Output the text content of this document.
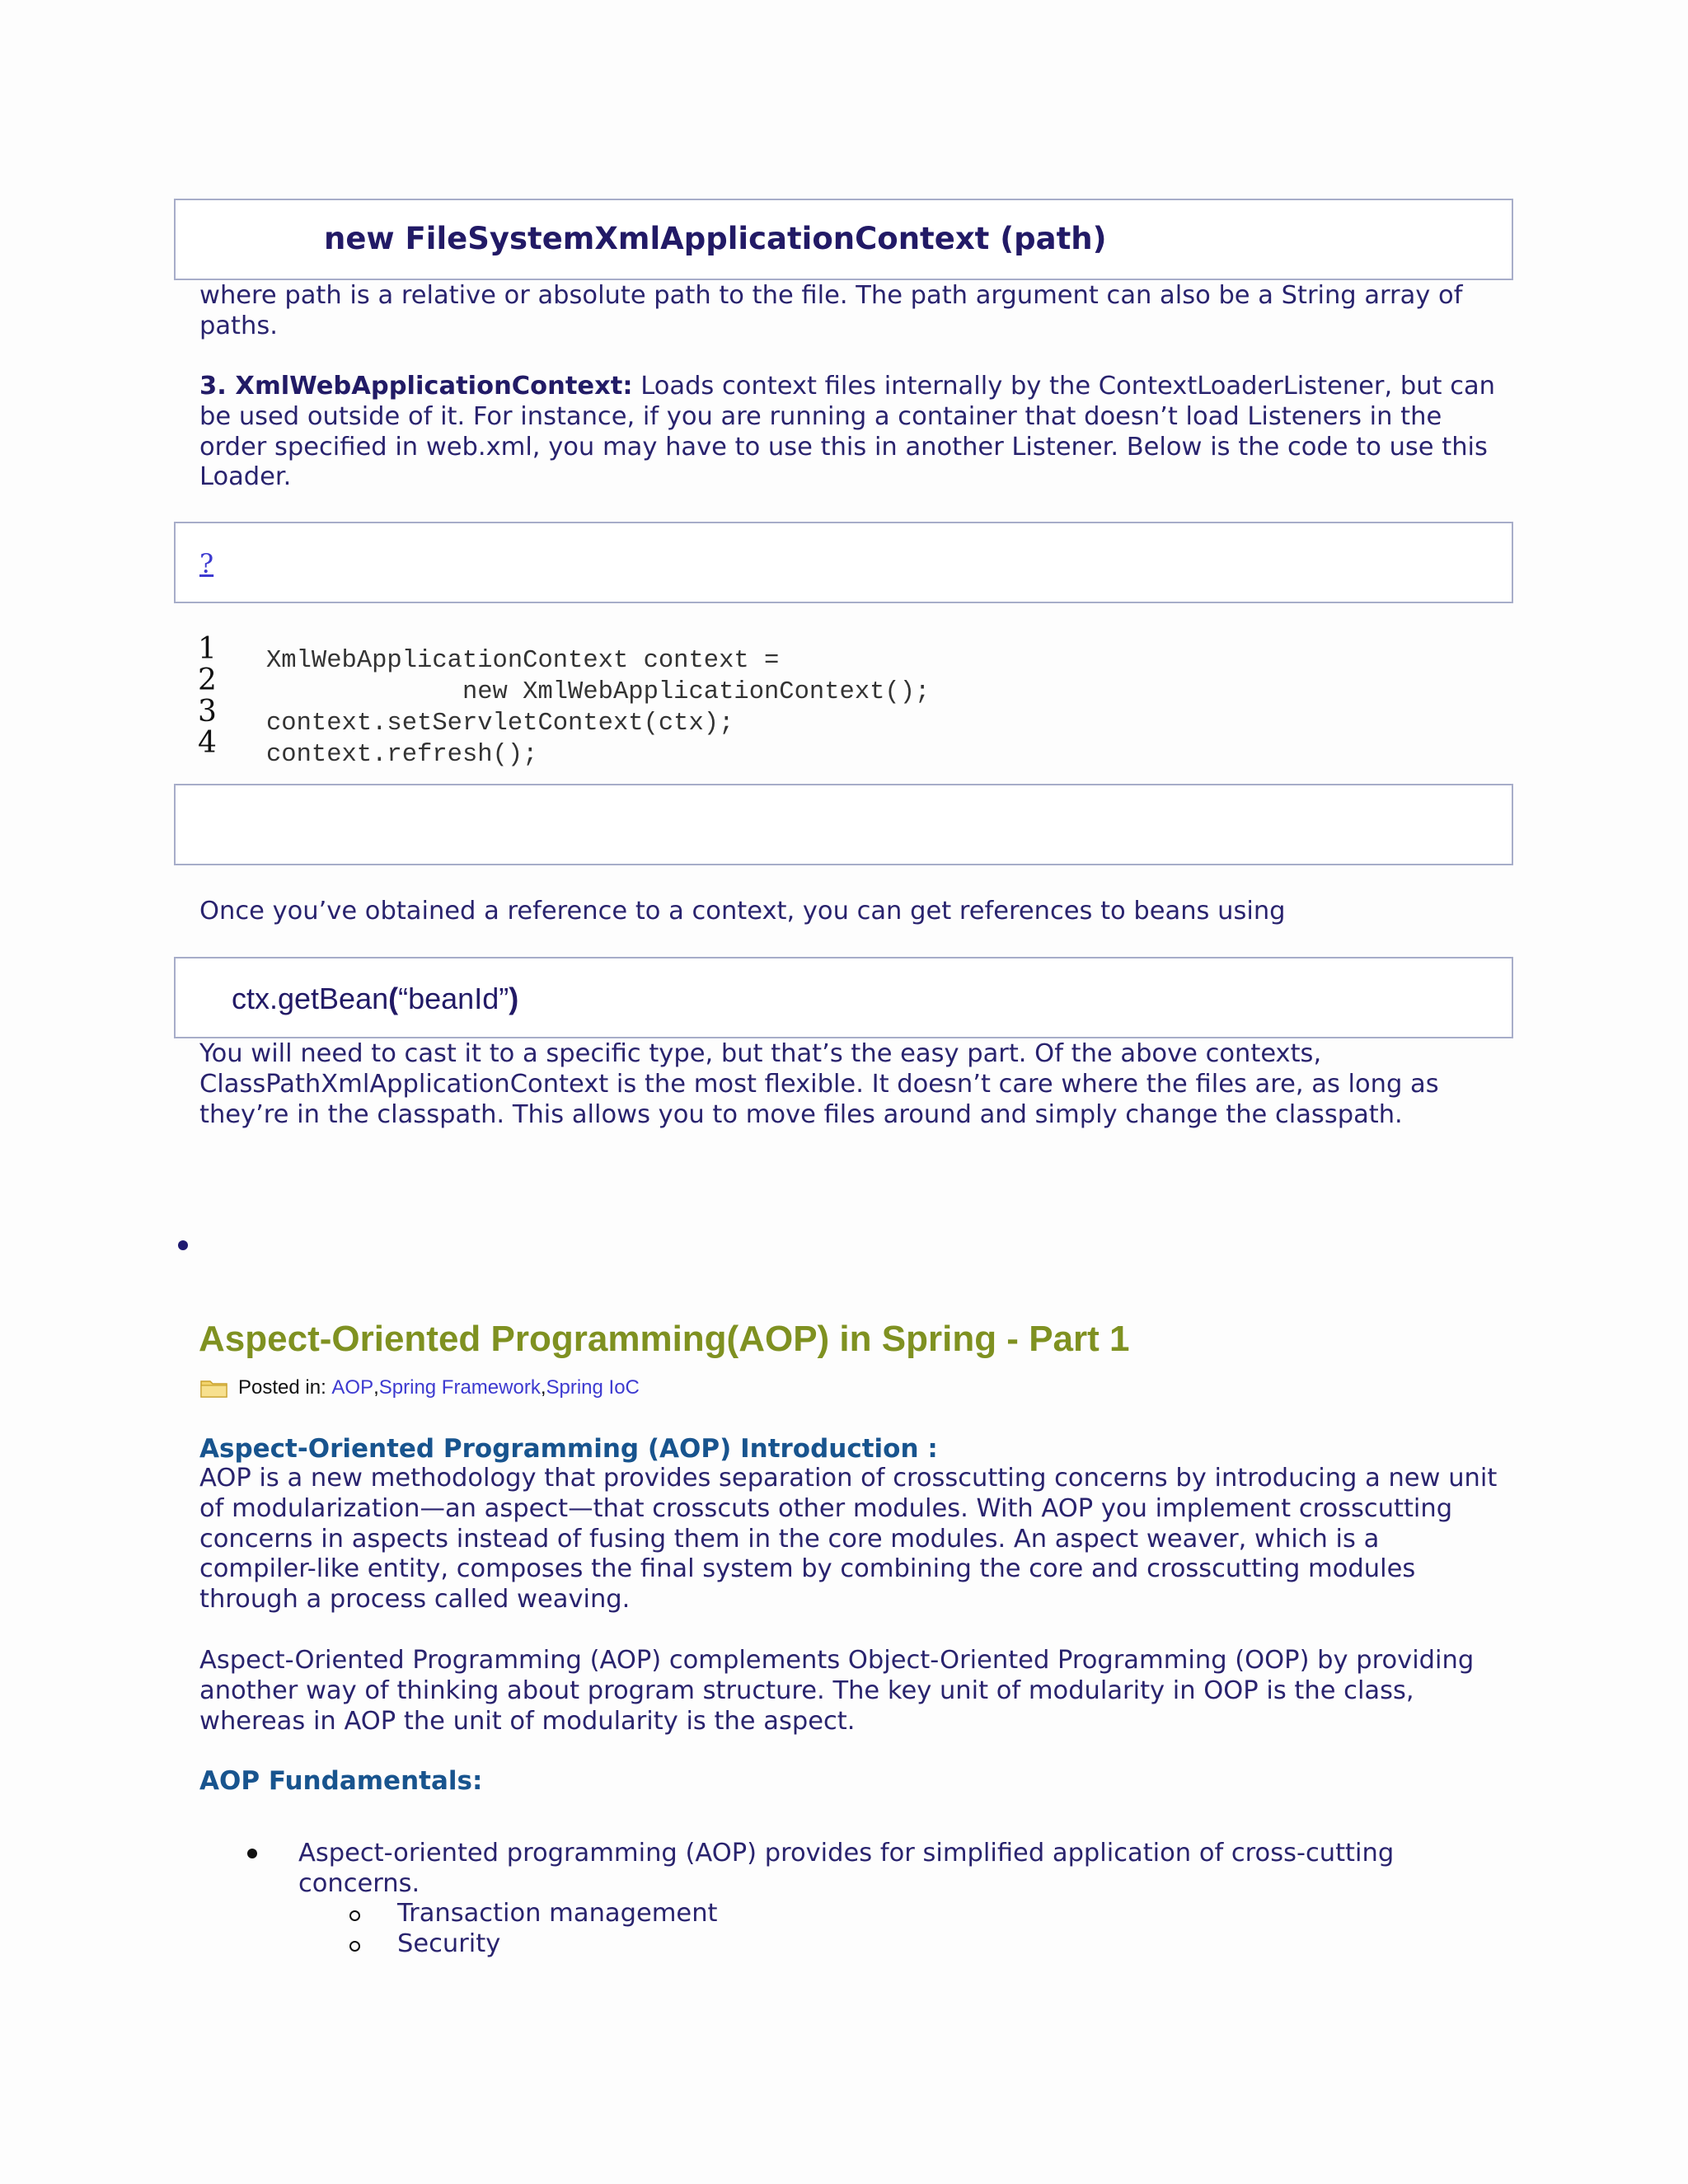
new FileSystemXmlApplicationContext (path)

where path is a relative or absolute path to the file. The path argument can also be a String array of paths.

3. XmlWebApplicationContext: Loads context files internally by the ContextLoaderListener, but can be used outside of it. For instance, if you are running a container that doesn’t load Listeners in the order specified in web.xml, you may have to use this in another Listener. Below is the code to use this Loader.

?
1
2
3
4
XmlWebApplicationContext context =
new XmlWebApplicationContext();
context.setServletContext(ctx);
context.refresh();

Once you’ve obtained a reference to a context, you can get references to beans using

ctx.getBean(“beanId”)

You will need to cast it to a specific type, but that’s the easy part. Of the above contexts, ClassPathXmlApplicationContext is the most flexible. It doesn’t care where the files are, as long as they’re in the classpath. This allows you to move files around and simply change the classpath.

Aspect-Oriented Programming(AOP) in Spring - Part 1
Posted in:
AOP , Spring Framework , Spring IoC
Aspect-Oriented Programming (AOP) Introduction :

AOP is a new methodology that provides separation of crosscutting concerns by introducing a new unit of modularization—an aspect—that crosscuts other modules. With AOP you implement crosscutting concerns in aspects instead of fusing them in the core modules. An aspect weaver, which is a compiler-like entity, composes the final system by combining the core and crosscutting modules through a process called weaving.

Aspect-Oriented Programming (AOP) complements Object-Oriented Programming (OOP) by providing another way of thinking about program structure. The key unit of modularity in OOP is the class, whereas in AOP the unit of modularity is the aspect.

AOP Fundamentals:
Aspect-oriented programming (AOP) provides for simplified application of cross-cutting concerns.
Transaction management
Security
